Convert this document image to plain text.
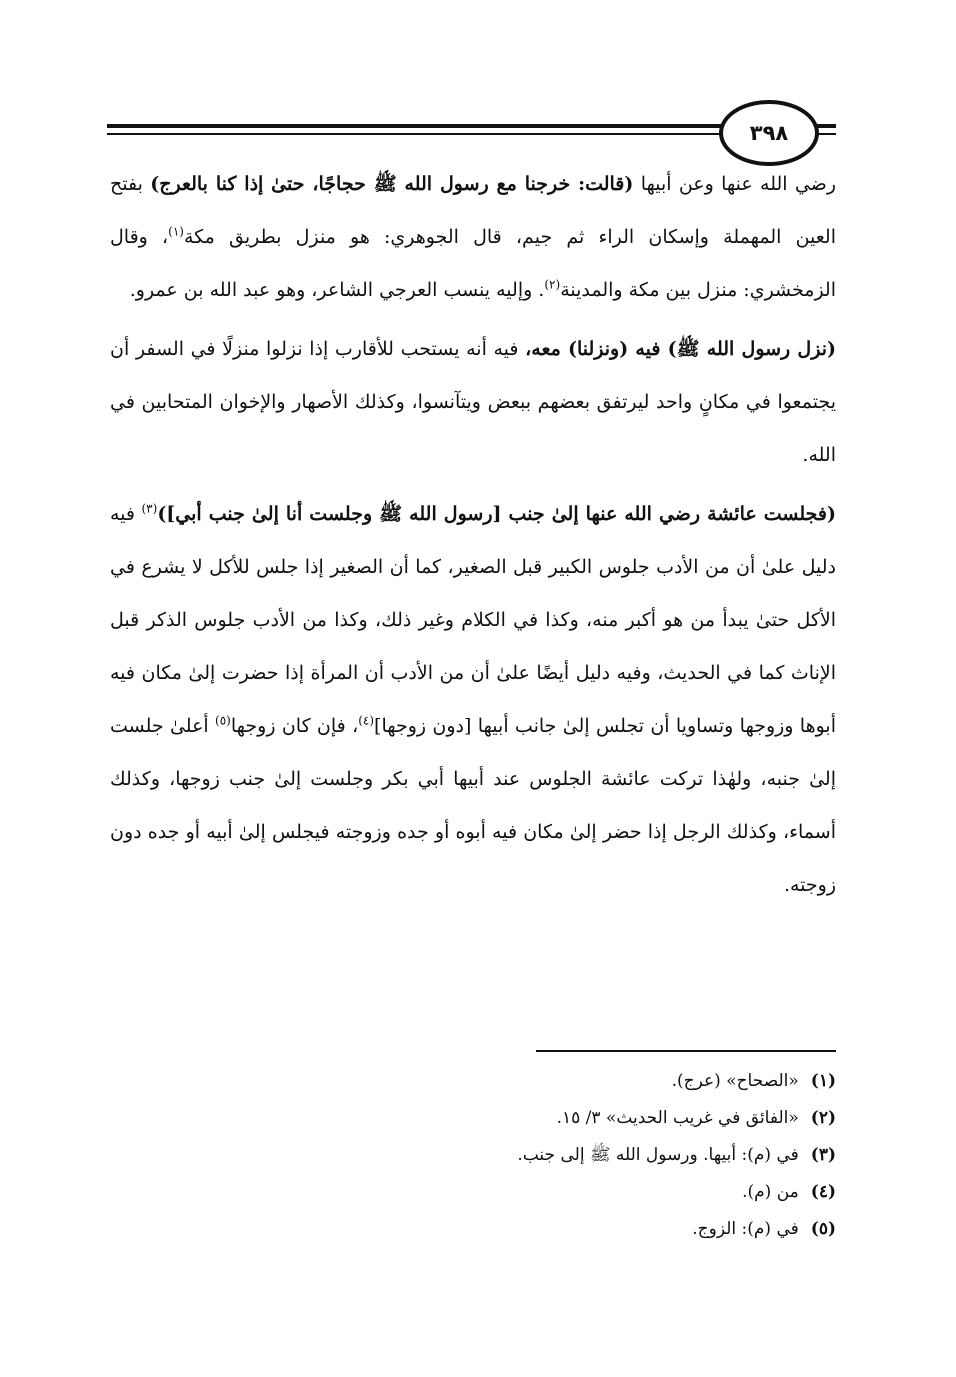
٣٩٨

رضي الله عنها وعن أبيها (قالت: خرجنا مع رسول الله ﷺ حجاجًا، حتىٰ إذا كنا بالعرج) بفتح العين المهملة وإسكان الراء ثم جيم، قال الجوهري: هو منزل بطريق مكة$^{(١)}$، وقال الزمخشري: منزل بين مكة والمدينة$^{(٢)}$. وإليه ينسب العرجي الشاعر، وهو عبد الله بن عمرو.

(نزل رسول الله ﷺ) فيه (ونزلنا) معه، فيه أنه يستحب للأقارب إذا نزلوا منزلًا في السفر أن يجتمعوا في مكانٍ واحد ليرتفق بعضهم ببعض ويتآنسوا، وكذلك الأصهار والإخوان المتحابين في الله.

(فجلست عائشة رضي الله عنها إلىٰ جنب [رسول الله ﷺ وجلست أنا إلىٰ جنب أبي])$^{(٣)}$ فيه دليل علىٰ أن من الأدب جلوس الكبير قبل الصغير، كما أن الصغير إذا جلس للأكل لا يشرع في الأكل حتىٰ يبدأ من هو أكبر منه، وكذا في الكلام وغير ذلك، وكذا من الأدب جلوس الذكر قبل الإناث كما في الحديث، وفيه دليل أيضًا علىٰ أن من الأدب أن المرأة إذا حضرت إلىٰ مكان فيه أبوها وزوجها وتساويا أن تجلس إلىٰ جانب أبيها [دون زوجها]$^{(٤)}$، فإن كان زوجها$^{(٥)}$ أعلىٰ جلست إلىٰ جنبه، ولهٰذا تركت عائشة الجلوس عند أبيها أبي بكر وجلست إلىٰ جنب زوجها، وكذلك أسماء، وكذلك الرجل إذا حضر إلىٰ مكان فيه أبوه أو جده وزوجته فيجلس إلىٰ أبيه أو جده دون زوجته.

(١)
«الصحاح» (عرج).
(٢)
«الفائق في غريب الحديث» ٣/ ١٥.
(٣)
في (م): أبيها. ورسول الله ﷺ إلى جنب.
(٤)
من (م).
(٥)
في (م): الزوج.
